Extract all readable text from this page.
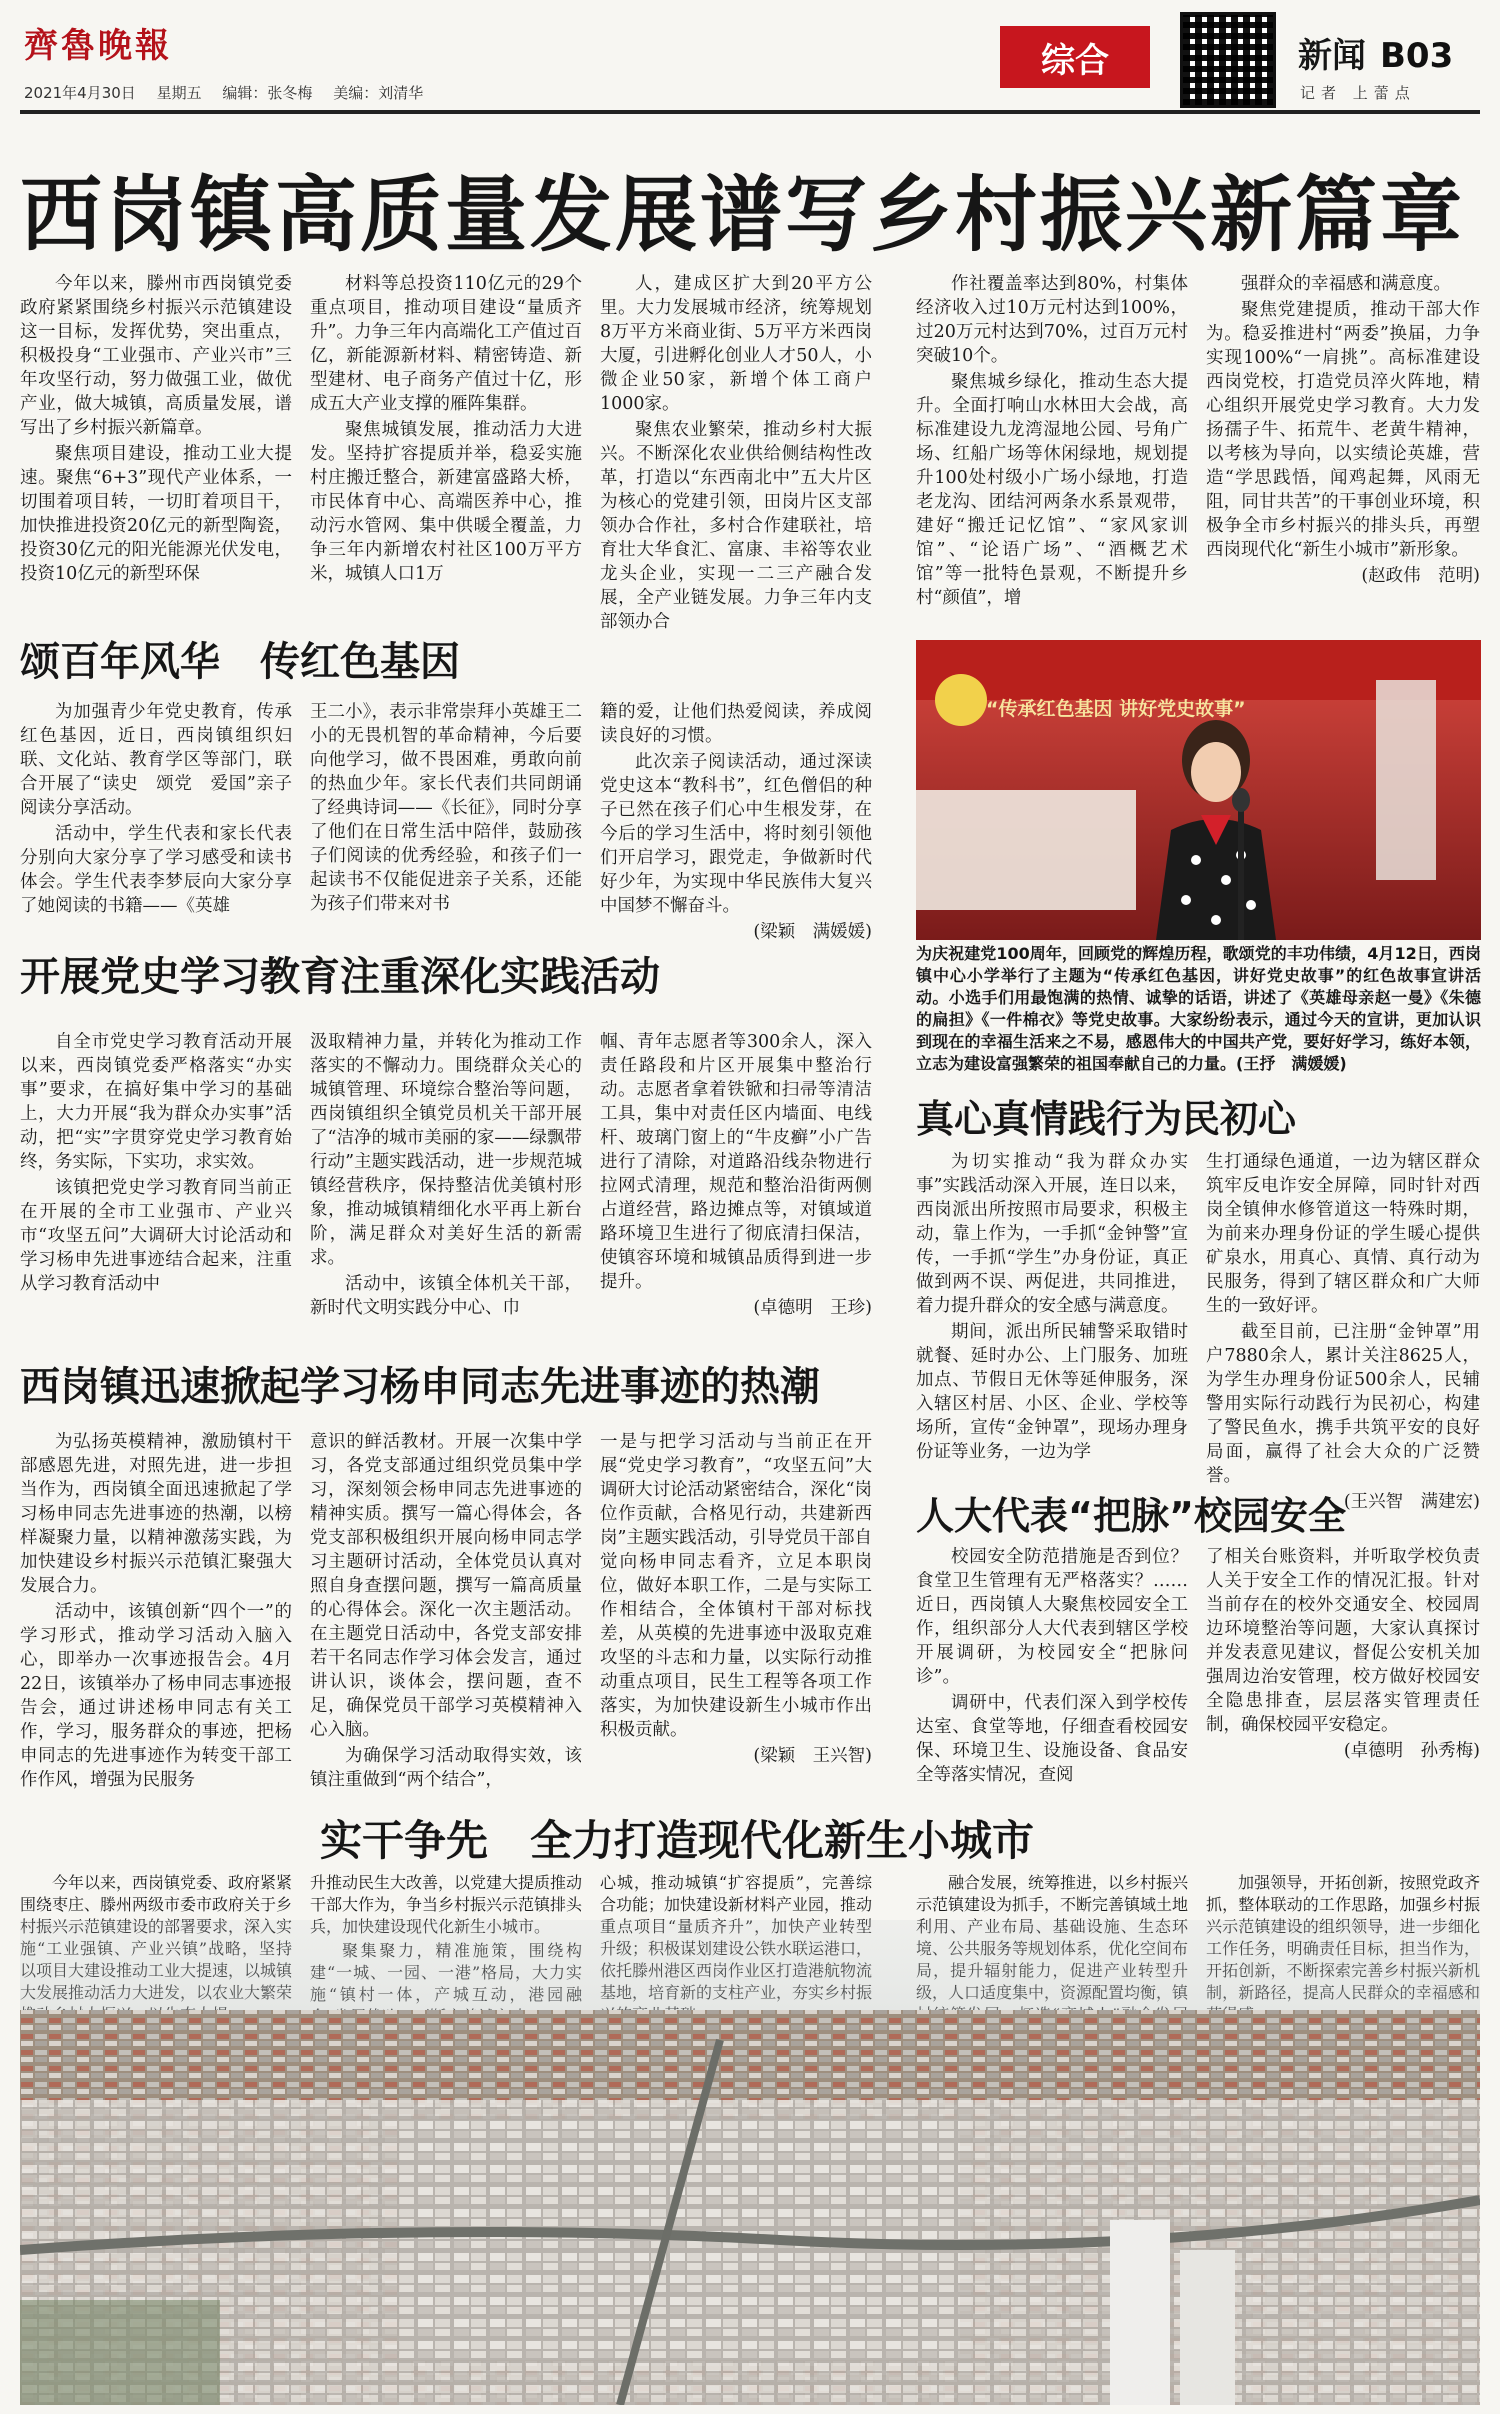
齊魯晚報
2021年4月30日 星期五 编辑：张冬梅 美编：刘清华
综合	新闻 B03
记者 上蕾点
西岗镇高质量发展谱写乡村振兴新篇章

今年以来，滕州市西岗镇党委政府紧紧围绕乡村振兴示范镇建设这一目标，发挥优势，突出重点，积极投身“工业强市、产业兴市”三年攻坚行动，努力做强工业，做优产业，做大城镇，高质量发展，谱写出了乡村振兴新篇章。

聚焦项目建设，推动工业大提速。聚焦“6+3”现代产业体系，一切围着项目转，一切盯着项目干，加快推进投资20亿元的新型陶瓷，投资30亿元的阳光能源光伏发电，投资10亿元的新型环保

材料等总投资110亿元的29个重点项目，推动项目建设“量质齐升”。力争三年内高端化工产值过百亿，新能源新材料、精密铸造、新型建材、电子商务产值过十亿，形成五大产业支撑的雁阵集群。

聚焦城镇发展，推动活力大进发。坚持扩容提质并举，稳妥实施村庄搬迁整合，新建富盛路大桥，市民体育中心、高端医养中心，推动污水管网、集中供暖全覆盖，力争三年内新增农村社区100万平方米，城镇人口1万

人，建成区扩大到20平方公里。大力发展城市经济，统筹规划8万平方米商业街、5万平方米西岗大厦，引进孵化创业人才50人，小微企业50家，新增个体工商户1000家。

聚焦农业繁荣，推动乡村大振兴。不断深化农业供给侧结构性改革，打造以“东西南北中”五大片区为核心的党建引领，田岗片区支部领办合作社，多村合作建联社，培育壮大华食汇、富康、丰裕等农业龙头企业，实现一二三产融合发展，全产业链发展。力争三年内支部领办合

作社覆盖率达到80%，村集体经济收入过10万元村达到100%，过20万元村达到70%，过百万元村突破10个。

聚焦城乡绿化，推动生态大提升。全面打响山水林田大会战，高标准建设九龙湾湿地公园、号角广场、红船广场等休闲绿地，规划提升100处村级小广场小绿地，打造老龙沟、团结河两条水系景观带，建好“搬迁记忆馆”、“家风家训馆”、“论语广场”、“酒概艺术馆”等一批特色景观，不断提升乡村“颜值”，增

强群众的幸福感和满意度。

聚焦党建提质，推动干部大作为。稳妥推进村“两委”换届，力争实现100%“一肩挑”。高标准建设西岗党校，打造党员淬火阵地，精心组织开展党史学习教育。大力发扬孺子牛、拓荒牛、老黄牛精神，以考核为导向，以实绩论英雄，营造“学思践悟，闻鸡起舞，风雨无阻，同甘共苦”的干事创业环境，积极争全市乡村振兴的排头兵，再塑西岗现代化“新生小城市”新形象。

(赵政伟　范明)
颂百年风华　传红色基因

为加强青少年党史教育，传承红色基因，近日，西岗镇组织妇联、文化站、教育学区等部门，联合开展了“读史　颂党　爱国”亲子阅读分享活动。

活动中，学生代表和家长代表分别向大家分享了学习感受和读书体会。学生代表李梦辰向大家分享了她阅读的书籍——《英雄

王二小》，表示非常崇拜小英雄王二小的无畏机智的革命精神，今后要向他学习，做不畏困难，勇敢向前的热血少年。家长代表们共同朗诵了经典诗词——《长征》，同时分享了他们在日常生活中陪伴，鼓励孩子们阅读的优秀经验，和孩子们一起读书不仅能促进亲子关系，还能为孩子们带来对书

籍的爱，让他们热爱阅读，养成阅读良好的习惯。

此次亲子阅读活动，通过深读党史这本“教科书”，红色僧侣的种子已然在孩子们心中生根发芽，在今后的学习生活中，将时刻引领他们开启学习，跟党走，争做新时代好少年，为实现中华民族伟大复兴中国梦不懈奋斗。

(梁颖　满媛媛)
“传承红色基因 讲好党史故事”
为庆祝建党100周年，回顾党的辉煌历程，歌颂党的丰功伟绩，4月12日，西岗镇中心小学举行了主题为“传承红色基因，讲好党史故事”的红色故事宣讲活动。小选手们用最饱满的热情、诚挚的话语，讲述了《英雄母亲赵一曼》《朱德的扁担》《一件棉衣》等党史故事。大家纷纷表示，通过今天的宣讲，更加认识到现在的幸福生活来之不易，感恩伟大的中国共产党，要好好学习，练好本领，立志为建设富强繁荣的祖国奉献自己的力量。(王抒　满媛媛)
开展党史学习教育注重深化实践活动

自全市党史学习教育活动开展以来，西岗镇党委严格落实“办实事”要求，在搞好集中学习的基础上，大力开展“我为群众办实事”活动，把“实”字贯穿党史学习教育始终，务实际，下实功，求实效。

该镇把党史学习教育同当前正在开展的全市工业强市、产业兴市“攻坚五问”大调研大讨论活动和学习杨申先进事迹结合起来，注重从学习教育活动中

汲取精神力量，并转化为推动工作落实的不懈动力。围绕群众关心的城镇管理、环境综合整治等问题，西岗镇组织全镇党员机关干部开展了“洁净的城市美丽的家——绿飘带行动”主题实践活动，进一步规范城镇经营秩序，保持整洁优美镇村形象，推动城镇精细化水平再上新台阶，满足群众对美好生活的新需求。

活动中，该镇全体机关干部，新时代文明实践分中心、巾

帼、青年志愿者等300余人，深入责任路段和片区开展集中整治行动。志愿者拿着铁锨和扫帚等清洁工具，集中对责任区内墙面、电线杆、玻璃门窗上的“牛皮癣”小广告进行了清除，对道路沿线杂物进行拉网式清理，规范和整治沿街两侧占道经营，路边摊点等，对镇域道路环境卫生进行了彻底清扫保洁，使镇容环境和城镇品质得到进一步提升。

(卓德明　王珍)
真心真情践行为民初心

为切实推动“我为群众办实事”实践活动深入开展，连日以来，西岗派出所按照市局要求，积极主动，靠上作为，一手抓“金钟警”宣传，一手抓“学生”办身份证，真正做到两不误、两促进，共同推进，着力提升群众的安全感与满意度。

期间，派出所民辅警采取错时就餐、延时办公、上门服务、加班加点、节假日无休等延伸服务，深入辖区村居、小区、企业、学校等场所，宣传“金钟罩”，现场办理身份证等业务，一边为学

生打通绿色通道，一边为辖区群众筑牢反电诈安全屏障，同时针对西岗全镇伸水修管道这一特殊时期，为前来办理身份证的学生暖心提供矿泉水，用真心、真情、真行动为民服务，得到了辖区群众和广大师生的一致好评。

截至目前，已注册“金钟罩”用户7880余人，累计关注8625人，为学生办理身份证500余人，民辅警用实际行动践行为民初心，构建了警民鱼水，携手共筑平安的良好局面，赢得了社会大众的广泛赞誉。

(王兴智　满建宏)
西岗镇迅速掀起学习杨申同志先进事迹的热潮

为弘扬英模精神，激励镇村干部感恩先进，对照先进，进一步担当作为，西岗镇全面迅速掀起了学习杨申同志先进事迹的热潮，以榜样凝聚力量，以精神激荡实践，为加快建设乡村振兴示范镇汇聚强大发展合力。

活动中，该镇创新“四个一”的学习形式，推动学习活动入脑入心，即举办一次事迹报告会。4月22日，该镇举办了杨申同志事迹报告会，通过讲述杨申同志有关工作，学习，服务群众的事迹，把杨申同志的先进事迹作为转变干部工作作风，增强为民服务

意识的鲜活教材。开展一次集中学习，各党支部通过组织党员集中学习，深刻领会杨申同志先进事迹的精神实质。撰写一篇心得体会，各党支部积极组织开展向杨申同志学习主题研讨活动，全体党员认真对照自身查摆问题，撰写一篇高质量的心得体会。深化一次主题活动。在主题党日活动中，各党支部安排若干名同志作学习体会发言，通过讲认识，谈体会，摆问题，查不足，确保党员干部学习英模精神入心入脑。

为确保学习活动取得实效，该镇注重做到“两个结合”，

一是与把学习活动与当前正在开展“党史学习教育”，“攻坚五问”大调研大讨论活动紧密结合，深化“岗位作贡献，合格见行动，共建新西岗”主题实践活动，引导党员干部自觉向杨申同志看齐，立足本职岗位，做好本职工作，二是与实际工作相结合，全体镇村干部对标找差，从英模的先进事迹中汲取克难攻坚的斗志和力量，以实际行动推动重点项目，民生工程等各项工作落实，为加快建设新生小城市作出积极贡献。

(梁颖　王兴智)
人大代表“把脉”校园安全

校园安全防范措施是否到位？食堂卫生管理有无严格落实？……近日，西岗镇人大聚焦校园安全工作，组织部分人大代表到辖区学校开展调研，为校园安全“把脉问诊”。

调研中，代表们深入到学校传达室、食堂等地，仔细查看校园安保、环境卫生、设施设备、食品安全等落实情况，查阅

了相关台账资料，并听取学校负责人关于安全工作的情况汇报。针对当前存在的校外交通安全、校园周边环境整治等问题，大家认真探讨并发表意见建议，督促公安机关加强周边治安管理，校方做好校园安全隐患排查，层层落实管理责任制，确保校园平安稳定。

(卓德明　孙秀梅)
实干争先　全力打造现代化新生小城市

今年以来，西岗镇党委、政府紧紧围绕枣庄、滕州两级市委市政府关于乡

升推动民生大改善，以党建大提质推动干部大作为，争当乡村振兴示范镇排头

心城，推动城镇“扩容提质”，完善综合功能；加快建设新材料产业园，推动

融合发展，统筹推进，以乡村振兴示范镇建设为抓手，不断完善镇域土地

加强领导，开拓创新，按照党政齐抓，整体联动的工作思路，加强乡村振
